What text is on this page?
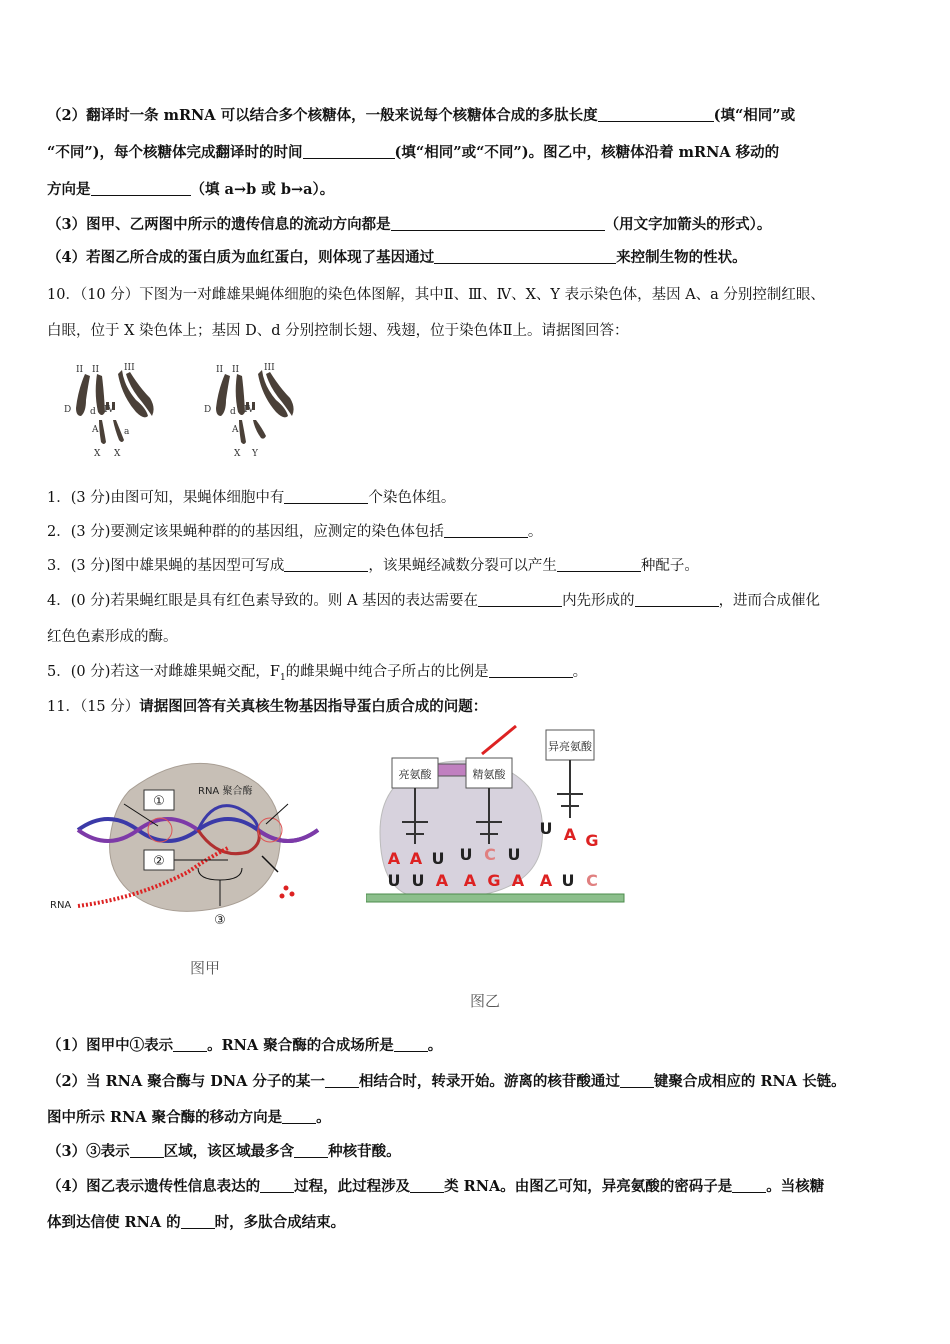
（2）翻译时一条 mRNA 可以结合多个核糖体，一般来说每个核糖体合成的多肽长度	(填“相同”或
“不同”)，每个核糖体完成翻译时的时间	(填“相同”或“不同”)。图乙中，核糖体沿着 mRNA 移动的
方向是	（填 a→b 或 b→a）。
（3）图甲、乙两图中所示的遗传信息的流动方向都是	（用文字加箭头的形式）。
（4）若图乙所合成的蛋白质为血红蛋白，则体现了基因通过	来控制生物的性状。
10．（10 分）下图为一对雌雄果蝇体细胞的染色体图解，其中Ⅱ、Ⅲ、Ⅳ、X、Y 表示染色体，基因 A、a 分别控制红眼、
白眼，位于 X 染色体上；基因 D、d 分别控制长翅、残翅，位于染色体Ⅱ上。请据图回答：
II II	III
IV
D d
A	a
X X
II II	III
IV
D d
A
X Y
1．(3 分)由图可知，果蝇体细胞中有	个染色体组。
2．(3 分)要测定该果蝇种群的的基因组，应测定的染色体包括	。
3．(3 分)图中雄果蝇的基因型可写成	，该果蝇经减数分裂可以产生	种配子。
4．(0 分)若果蝇红眼是具有红色素导致的。则 A 基因的表达需要在	内先形成的	，进而合成催化
红色色素形成的酶。
5．(0 分)若这一对雌雄果蝇交配，$F_1$的雌果蝇中纯合子所占的比例是	。
11．（15 分）请据图回答有关真核生物基因指导蛋白质合成的问题：
①
②
③
RNA 聚合酶
RNA
图甲
亮氨酸	精氨酸
异亮氨酸
A A U U C U
U A G
U U A A G A A U C
图乙
（1）图甲中①表示 。RNA 聚合酶的合成场所是 。
（2）当 RNA 聚合酶与 DNA 分子的某一 相结合时，转录开始。游离的核苷酸通过 键聚合成相应的 RNA 长链。
图中所示 RNA 聚合酶的移动方向是 。
（3）③表示 区域，该区域最多含 种核苷酸。
（4）图乙表示遗传性信息表达的 过程，此过程涉及 类 RNA。由图乙可知，异亮氨酸的密码子是 。当核糖
体到达信使 RNA 的 时，多肽合成结束。
